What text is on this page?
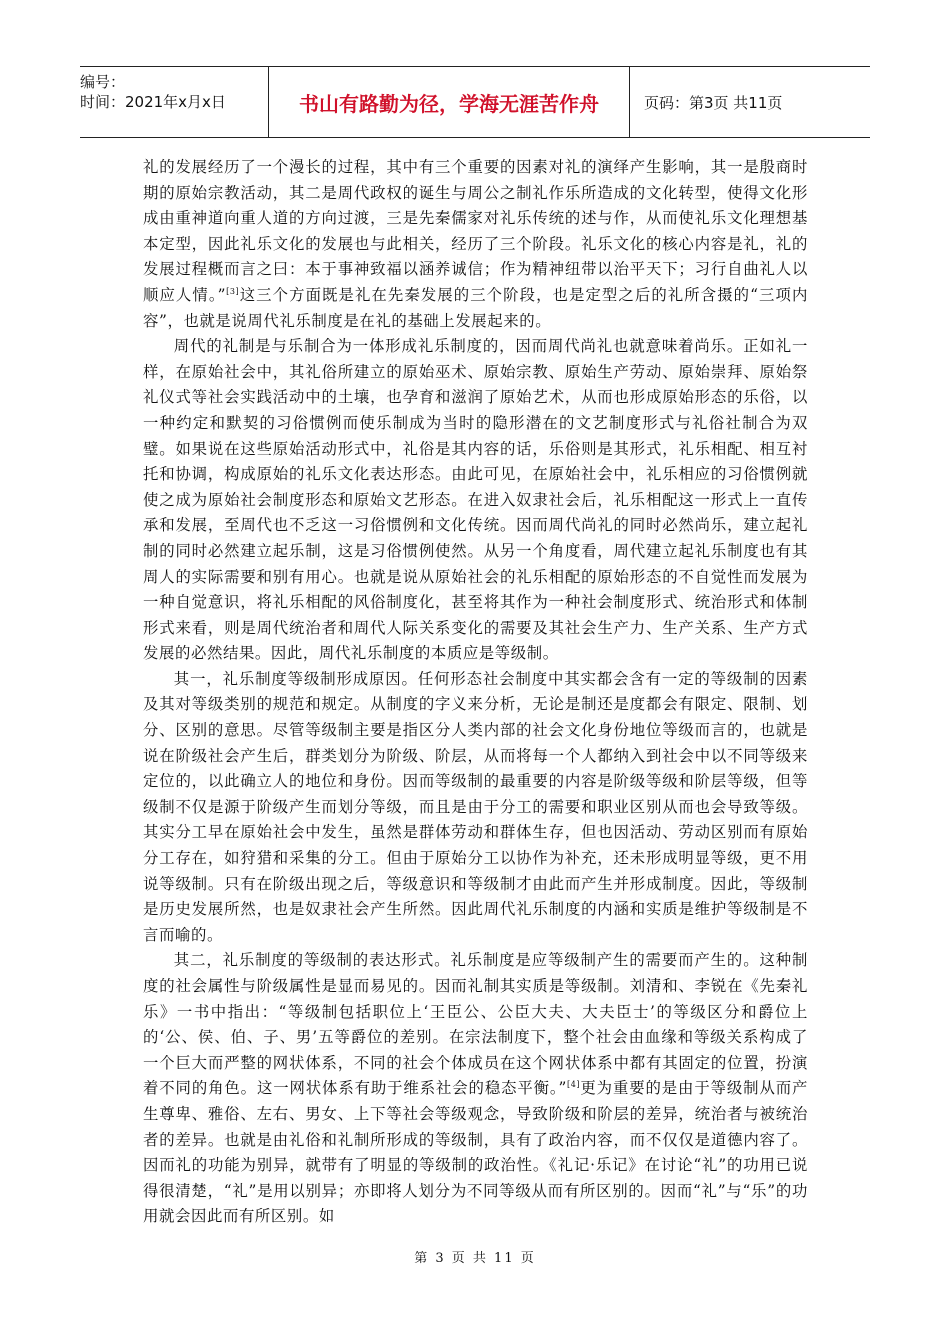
编号：
时间：2021年x月x日	书山有路勤为径，学海无涯苦作舟	页码：第3页 共11页

礼的发展经历了一个漫长的过程，其中有三个重要的因素对礼的演绎产生影响，其一是殷商时期的原始宗教活动，其二是周代政权的诞生与周公之制礼作乐所造成的文化转型，使得文化形成由重神道向重人道的方向过渡，三是先秦儒家对礼乐传统的述与作，从而使礼乐文化理想基本定型，因此礼乐文化的发展也与此相关，经历了三个阶段。礼乐文化的核心内容是礼，礼的发展过程概而言之曰：本于事神致福以涵养诚信；作为精神纽带以治平天下；习行自曲礼人以顺应人情。”[3]这三个方面既是礼在先秦发展的三个阶段，也是定型之后的礼所含摄的“三项内容”，也就是说周代礼乐制度是在礼的基础上发展起来的。

周代的礼制是与乐制合为一体形成礼乐制度的，因而周代尚礼也就意味着尚乐。正如礼一样，在原始社会中，其礼俗所建立的原始巫术、原始宗教、原始生产劳动、原始崇拜、原始祭礼仪式等社会实践活动中的土壤，也孕育和滋润了原始艺术，从而也形成原始形态的乐俗，以一种约定和默契的习俗惯例而使乐制成为当时的隐形潜在的文艺制度形式与礼俗社制合为双璧。如果说在这些原始活动形式中，礼俗是其内容的话，乐俗则是其形式，礼乐相配、相互衬托和协调，构成原始的礼乐文化表达形态。由此可见，在原始社会中，礼乐相应的习俗惯例就使之成为原始社会制度形态和原始文艺形态。在进入奴隶社会后，礼乐相配这一形式上一直传承和发展，至周代也不乏这一习俗惯例和文化传统。因而周代尚礼的同时必然尚乐，建立起礼制的同时必然建立起乐制，这是习俗惯例使然。从另一个角度看，周代建立起礼乐制度也有其周人的实际需要和别有用心。也就是说从原始社会的礼乐相配的原始形态的不自觉性而发展为一种自觉意识，将礼乐相配的风俗制度化，甚至将其作为一种社会制度形式、统治形式和体制形式来看，则是周代统治者和周代人际关系变化的需要及其社会生产力、生产关系、生产方式发展的必然结果。因此，周代礼乐制度的本质应是等级制。

其一，礼乐制度等级制形成原因。任何形态社会制度中其实都会含有一定的等级制的因素及其对等级类别的规范和规定。从制度的字义来分析，无论是制还是度都会有限定、限制、划分、区别的意思。尽管等级制主要是指区分人类内部的社会文化身份地位等级而言的，也就是说在阶级社会产生后，群类划分为阶级、阶层，从而将每一个人都纳入到社会中以不同等级来定位的，以此确立人的地位和身份。因而等级制的最重要的内容是阶级等级和阶层等级，但等级制不仅是源于阶级产生而划分等级，而且是由于分工的需要和职业区别从而也会导致等级。其实分工早在原始社会中发生，虽然是群体劳动和群体生存，但也因活动、劳动区别而有原始分工存在，如狩猎和采集的分工。但由于原始分工以协作为补充，还未形成明显等级，更不用说等级制。只有在阶级出现之后，等级意识和等级制才由此而产生并形成制度。因此，等级制是历史发展所然，也是奴隶社会产生所然。因此周代礼乐制度的内涵和实质是维护等级制是不言而喻的。

其二，礼乐制度的等级制的表达形式。礼乐制度是应等级制产生的需要而产生的。这种制度的社会属性与阶级属性是显而易见的。因而礼制其实质是等级制。刘清和、李锐在《先秦礼乐》一书中指出：“等级制包括职位上‘王臣公、公臣大夫、大夫臣士’的等级区分和爵位上的‘公、侯、伯、子、男’五等爵位的差别。在宗法制度下，整个社会由血缘和等级关系构成了一个巨大而严整的网状体系，不同的社会个体成员在这个网状体系中都有其固定的位置，扮演着不同的角色。这一网状体系有助于维系社会的稳态平衡。”[4]更为重要的是由于等级制从而产生尊卑、雅俗、左右、男女、上下等社会等级观念，导致阶级和阶层的差异，统治者与被统治者的差异。也就是由礼俗和礼制所形成的等级制，具有了政治内容，而不仅仅是道德内容了。因而礼的功能为别异，就带有了明显的等级制的政治性。《礼记·乐记》在讨论“礼”的功用已说得很清楚，“礼”是用以别异；亦即将人划分为不同等级从而有所区别的。因而“礼”与“乐”的功用就会因此而有所区别。如

第 3 页 共 11 页
